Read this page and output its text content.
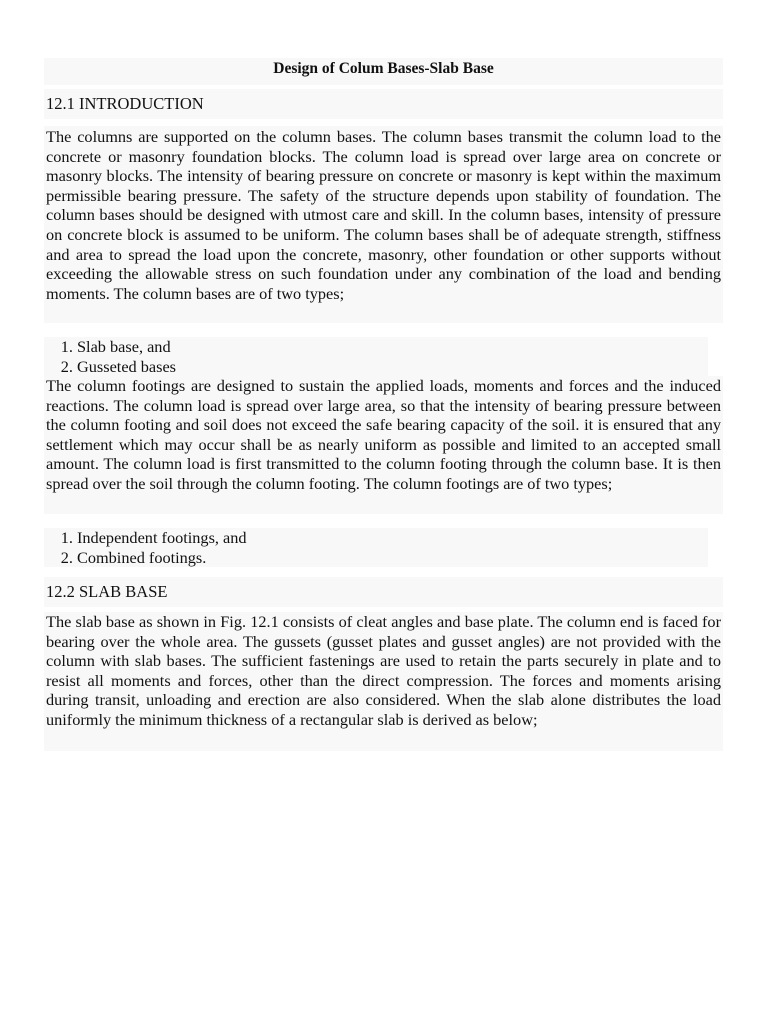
Design of Colum Bases-Slab Base
12.1 INTRODUCTION

The columns are supported on the column bases. The column bases transmit the column load to the concrete or masonry foundation blocks. The column load is spread over large area on concrete or masonry blocks. The intensity of bearing pressure on concrete or masonry is kept within the maximum permissible bearing pressure. The safety of the structure depends upon stability of foundation. The column bases should be designed with utmost care and skill. In the column bases, intensity of pressure on concrete block is assumed to be uniform. The column bases shall be of adequate strength, stiffness and area to spread the load upon the concrete, masonry, other foundation or other supports without exceeding the allowable stress on such foundation under any combination of the load and bending moments. The column bases are of two types;

1. Slab base, and
2. Gusseted bases

The column footings are designed to sustain the applied loads, moments and forces and the induced reactions. The column load is spread over large area, so that the intensity of bearing pressure between the column footing and soil does not exceed the safe bearing capacity of the soil. it is ensured that any settlement which may occur shall be as nearly uniform as possible and limited to an accepted small amount. The column load is first transmitted to the column footing through the column base. It is then spread over the soil through the column footing. The column footings are of two types;

1. Independent footings, and
2. Combined footings.
12.2 SLAB BASE

The slab base as shown in Fig. 12.1 consists of cleat angles and base plate. The column end is faced for bearing over the whole area. The gussets (gusset plates and gusset angles) are not provided with the column with slab bases. The sufficient fastenings are used to retain the parts securely in plate and to resist all moments and forces, other than the direct compression. The forces and moments arising during transit, unloading and erection are also considered. When the slab alone distributes the load uniformly the minimum thickness of a rectangular slab is derived as below;
